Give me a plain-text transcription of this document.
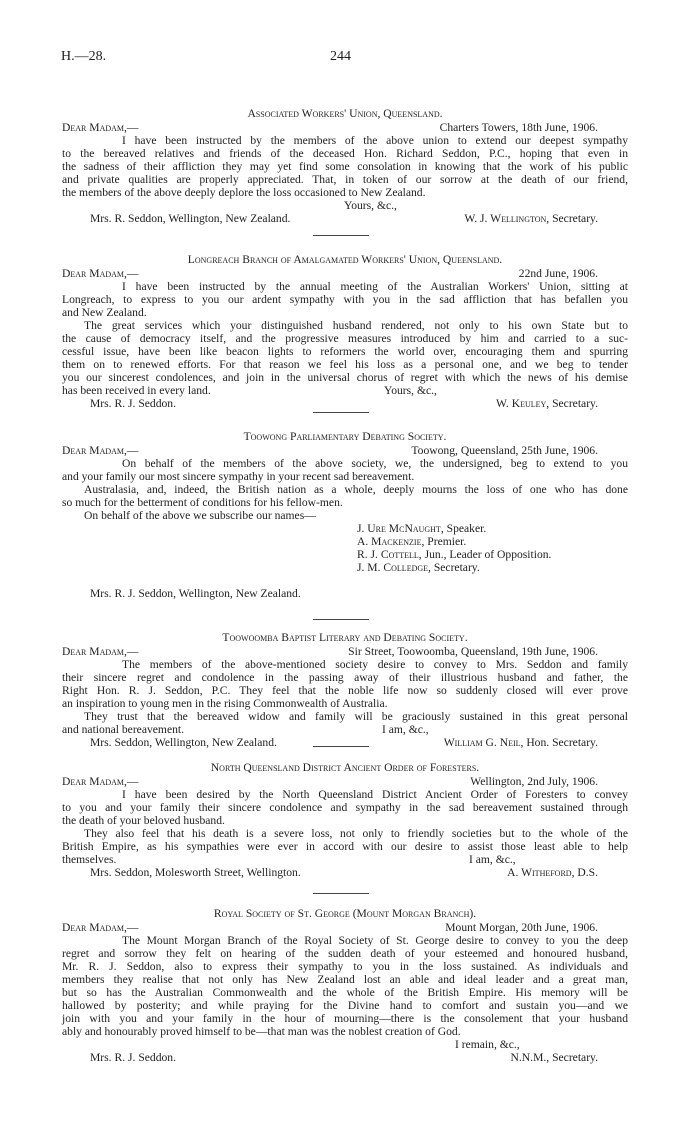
H.—28.	244
Associated Workers' Union, Queensland.
Dear Madam,—	Charters Towers, 18th June, 1906.
I have been instructed by the members of the above union to extend our deepest sympathy
to the bereaved relatives and friends of the deceased Hon. Richard Seddon, P.C., hoping that even in
the sadness of their affliction they may yet find some consolation in knowing that the work of his public
and private qualities are properly appreciated. That, in token of our sorrow at the death of our friend,
the members of the above deeply deplore the loss occasioned to New Zealand.
Yours, &c.,
Mrs. R. Seddon, Wellington, New Zealand.	W. J. Wellington, Secretary.
Longreach Branch of Amalgamated Workers' Union, Queensland.
Dear Madam,—	22nd June, 1906.
I have been instructed by the annual meeting of the Australian Workers' Union, sitting at
Longreach, to express to you our ardent sympathy with you in the sad affliction that has befallen you
and New Zealand.
The great services which your distinguished husband rendered, not only to his own State but to
the cause of democracy itself, and the progressive measures introduced by him and carried to a suc-
cessful issue, have been like beacon lights to reformers the world over, encouraging them and spurring
them on to renewed efforts. For that reason we feel his loss as a personal one, and we beg to tender
you our sincerest condolences, and join in the universal chorus of regret with which the news of his demise
has been received in every land.	Yours, &c.,
Mrs. R. J. Seddon.	W. Keuley, Secretary.
Toowong Parliamentary Debating Society.
Dear Madam,—	Toowong, Queensland, 25th June, 1906.
On behalf of the members of the above society, we, the undersigned, beg to extend to you
and your family our most sincere sympathy in your recent sad bereavement.
Australasia, and, indeed, the British nation as a whole, deeply mourns the loss of one who has done
so much for the betterment of conditions for his fellow-men.
On behalf of the above we subscribe our names—
J. Ure McNaught, Speaker.
A. Mackenzie, Premier.
R. J. Cottell, Jun., Leader of Opposition.
J. M. Colledge, Secretary.
Mrs. R. J. Seddon, Wellington, New Zealand.
Toowoomba Baptist Literary and Debating Society.
Dear Madam,—	Sir Street, Toowoomba, Queensland, 19th June, 1906.
The members of the above-mentioned society desire to convey to Mrs. Seddon and family
their sincere regret and condolence in the passing away of their illustrious husband and father, the
Right Hon. R. J. Seddon, P.C. They feel that the noble life now so suddenly closed will ever prove
an inspiration to young men in the rising Commonwealth of Australia.
They trust that the bereaved widow and family will be graciously sustained in this great personal
and national bereavement.	I am, &c.,
Mrs. Seddon, Wellington, New Zealand.	William G. Neil, Hon. Secretary.
North Queensland District Ancient Order of Foresters.
Dear Madam,—	Wellington, 2nd July, 1906.
I have been desired by the North Queensland District Ancient Order of Foresters to convey
to you and your family their sincere condolence and sympathy in the sad bereavement sustained through
the death of your beloved husband.
They also feel that his death is a severe loss, not only to friendly societies but to the whole of the
British Empire, as his sympathies were ever in accord with our desire to assist those least able to help
themselves.	I am, &c.,
Mrs. Seddon, Molesworth Street, Wellington.	A. Witheford, D.S.
Royal Society of St. George (Mount Morgan Branch).
Dear Madam,—	Mount Morgan, 20th June, 1906.
The Mount Morgan Branch of the Royal Society of St. George desire to convey to you the deep
regret and sorrow they felt on hearing of the sudden death of your esteemed and honoured husband,
Mr. R. J. Seddon, also to express their sympathy to you in the loss sustained. As individuals and
members they realise that not only has New Zealand lost an able and ideal leader and a great man,
but so has the Australian Commonwealth and the whole of the British Empire. His memory will be
hallowed by posterity; and while praying for the Divine hand to comfort and sustain you—and we
join with you and your family in the hour of mourning—there is the consolement that your husband
ably and honourably proved himself to be—that man was the noblest creation of God.
I remain, &c.,
Mrs. R. J. Seddon.	N.N.M., Secretary.
